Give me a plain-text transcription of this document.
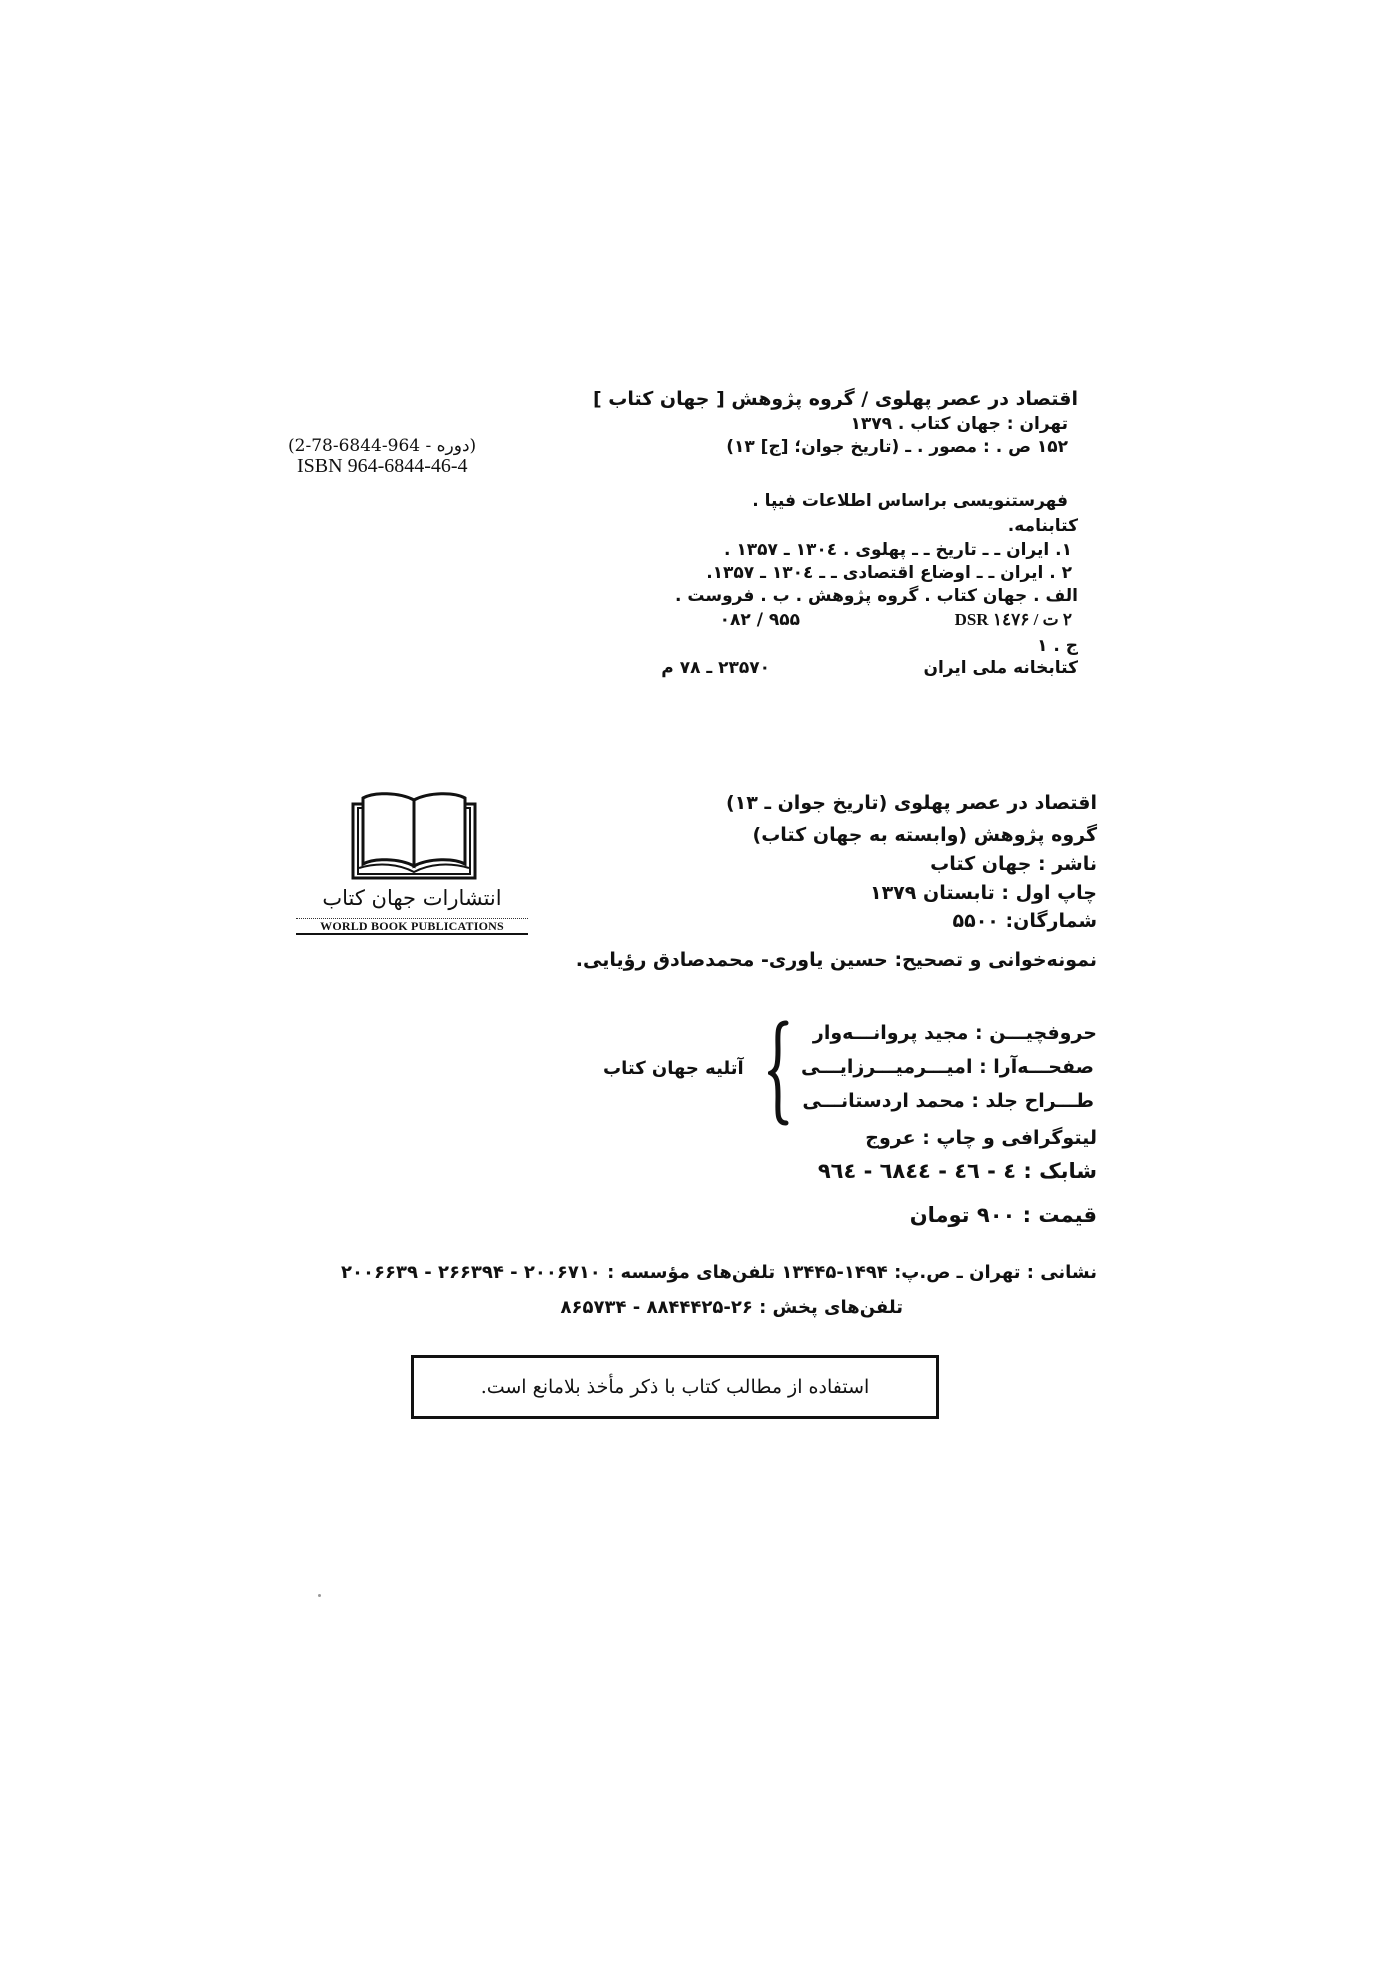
اقتصاد در عصر پهلوی / گروه پژوهش [ جهان کتاب ]
تهران : جهان کتاب . ۱۳۷۹
۱۵۲ ص . : مصور . ـ (تاریخ جوان؛ [ج] ۱۳)
(دوره - 964-6844-78-2)
ISBN 964-6844-46-4
فهرستنویسی براساس اطلاعات فیپا .
کتابنامه.
۱. ایران ـ ـ تاریخ ـ ـ پهلوی . ۱۳۰٤ ـ ۱۳۵۷ .
۲ . ایران ـ ـ اوضاع اقتصادی ـ ـ ۱۳۰٤ ـ ۱۳۵۷.
الف . جهان کتاب . گروه پژوهش . ب . فروست .
۲ ت / DSR ۱٤۷۶
۹۵۵ / ۰۸۲
ج . ۱
کتابخانه ملی ایران
۲۳۵۷۰ ـ ۷۸ م
انتشارات جهان کتاب
WORLD BOOK PUBLICATIONS
اقتصاد در عصر پهلوی (تاریخ جوان ـ ۱۳)
گروه پژوهش (وابسته به جهان کتاب)
ناشر : جهان کتاب
چاپ اول : تابستان ۱۳۷۹
شمارگان: ۵۵۰۰
نمونه‌خوانی و تصحیح: حسین یاوری- محمدصادق رؤیایی.
حروفچیـــن : مجید پروانـــه‌وار
صفحـــه‌آرا : امیـــرمیـــرزایـــی
طـــراح جلد : محمد اردستانـــی
آتلیه جهان کتاب
لیتوگرافی و چاپ : عروج
شابک : ٤ - ٤٦ - ٦٨٤٤ - ٩٦٤
قیمت : ۹۰۰ تومان
نشانی : تهران ـ ص.پ: ۱۴۹۴-۱۳۴۴۵ تلفن‌های مؤسسه : ۲۰۰۶۷۱۰ - ۲۶۶۳۹۴ - ۲۰۰۶۶۳۹
تلفن‌های پخش : ۲۶-۸۸۴۴۴۲۵ - ۸۶۵۷۳۴
استفاده از مطالب کتاب با ذکر مأخذ بلامانع است.
